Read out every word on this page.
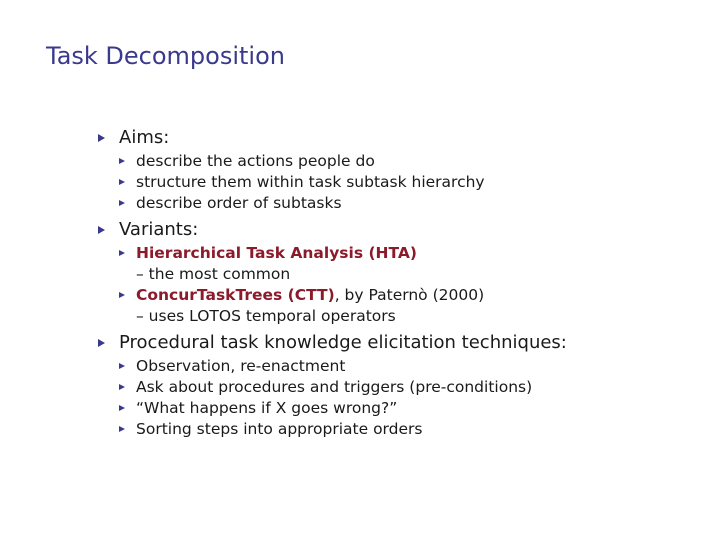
Task Decomposition
Aims:
describe the actions people do
structure them within task subtask hierarchy
describe order of subtasks
Variants:
Hierarchical Task Analysis (HTA)
– the most common
ConcurTaskTrees (CTT), by Paternò (2000)
– uses LOTOS temporal operators
Procedural task knowledge elicitation techniques:
Observation, re-enactment
Ask about procedures and triggers (pre-conditions)
“What happens if X goes wrong?”
Sorting steps into appropriate orders
